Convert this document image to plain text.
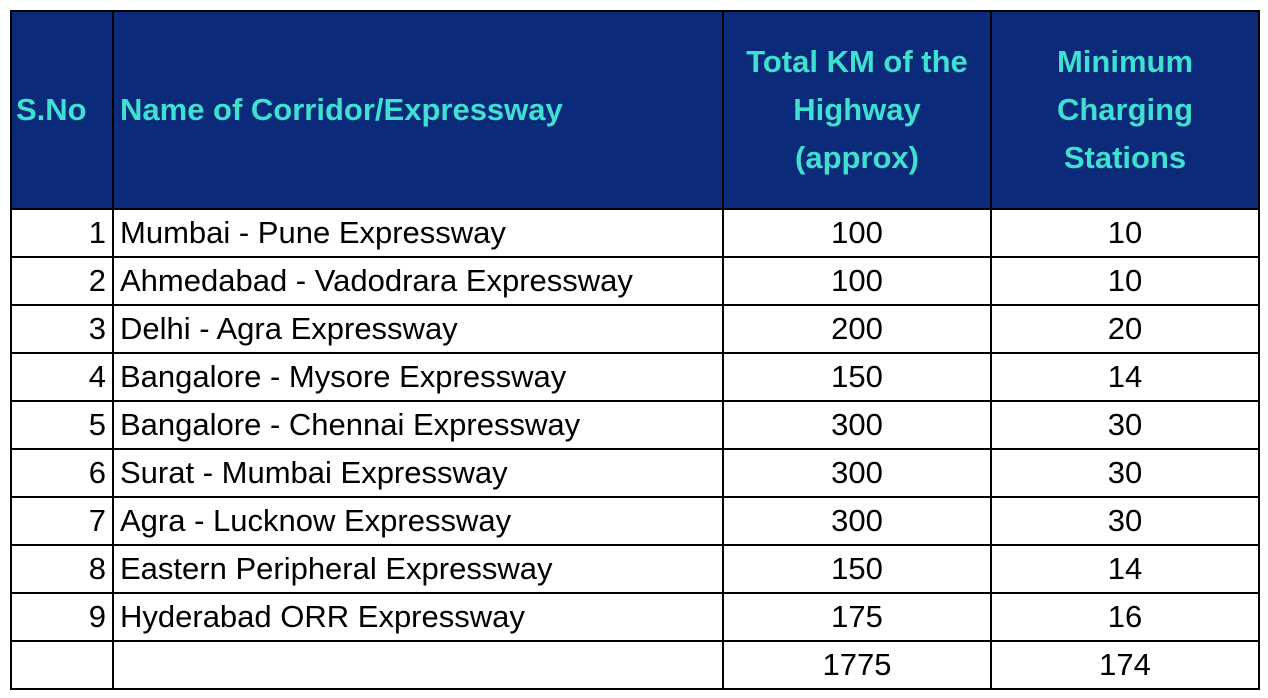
S.No	Name of Corridor/Expressway	Total KM of the Highway (approx)	Minimum Charging Stations
1	Mumbai - Pune Expressway	100	10
2	Ahmedabad - Vadodrara Expressway	100	10
3	Delhi - Agra Expressway	200	20
4	Bangalore - Mysore Expressway	150	14
5	Bangalore - Chennai Expressway	300	30
6	Surat - Mumbai Expressway	300	30
7	Agra - Lucknow Expressway	300	30
8	Eastern Peripheral Expressway	150	14
9	Hyderabad ORR Expressway	175	16
		1775	174
